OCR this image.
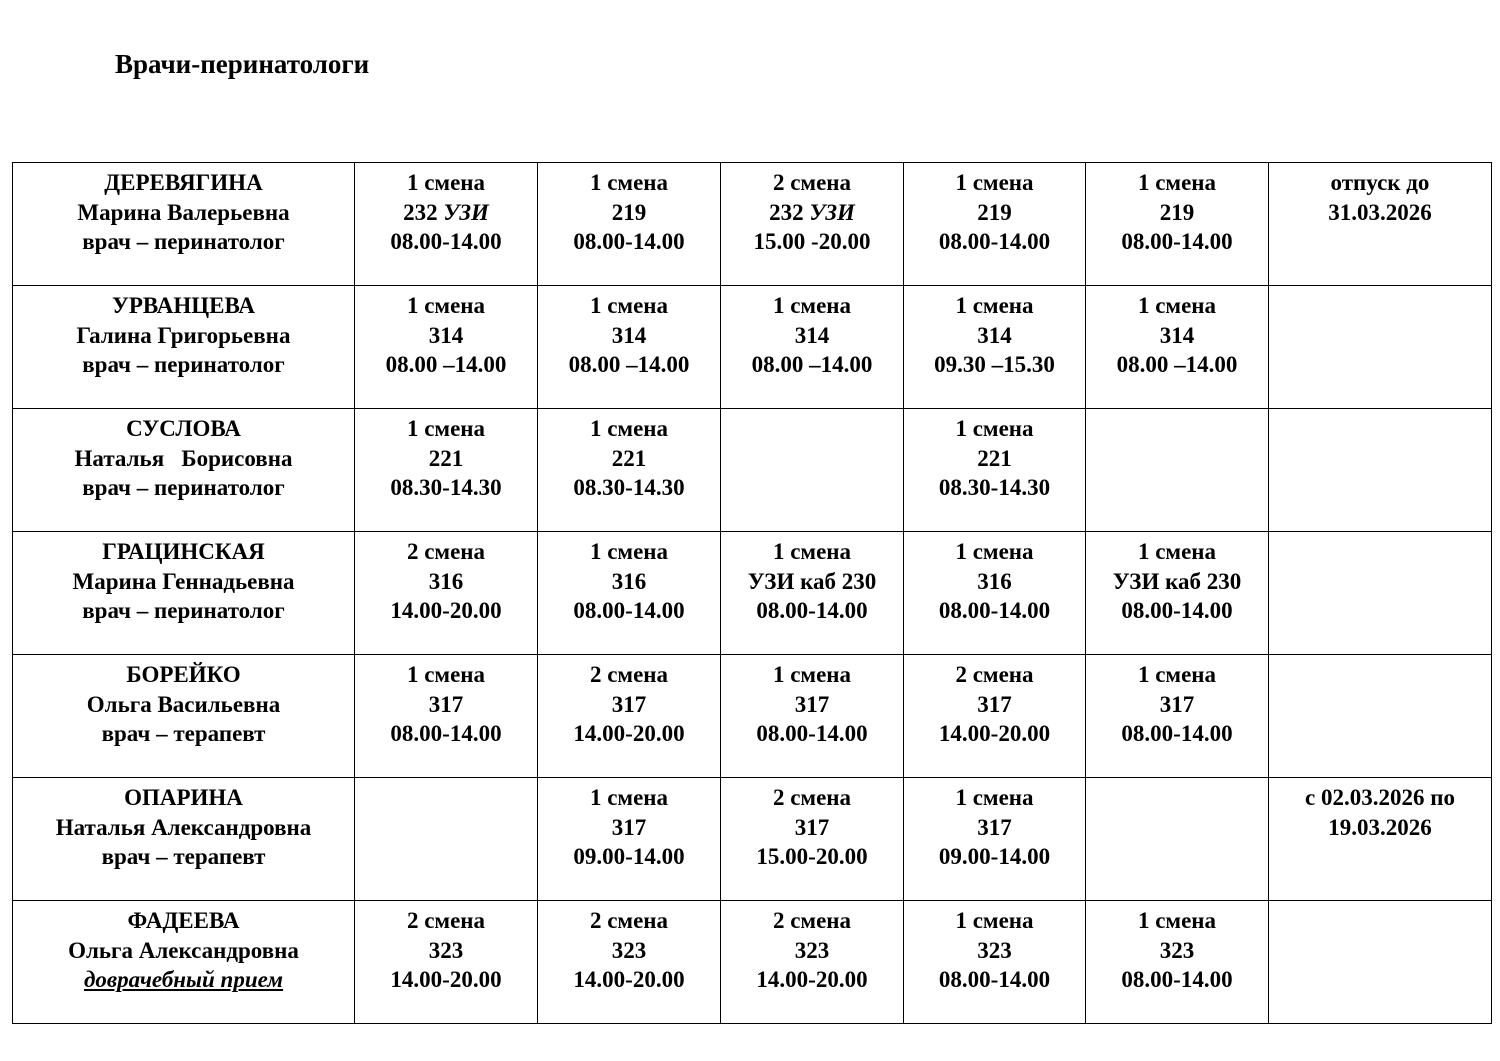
Врачи-перинатологи
ДЕРЕВЯГИНА
Марина Валерьевна
врач – перинатолог	1 смена
232 УЗИ
08.00-14.00	1 смена
219
08.00-14.00	2 смена
232 УЗИ
15.00 -20.00	1 смена
219
08.00-14.00	1 смена
219
08.00-14.00	отпуск до
31.03.2026

УРВАНЦЕВА
Галина Григорьевна
врач – перинатолог	1 смена
314
08.00 –14.00	1 смена
314
08.00 –14.00	1 смена
314
08.00 –14.00	1 смена
314
09.30 –15.30	1 смена
314
08.00 –14.00	

СУСЛОВА
Наталья   Борисовна
врач – перинатолог	1 смена
221
08.30-14.30	1 смена
221
08.30-14.30		1 смена
221
08.30-14.30		

ГРАЦИНСКАЯ
Марина Геннадьевна
врач – перинатолог	2 смена
316
14.00-20.00	1 смена
316
08.00-14.00	1 смена
УЗИ каб 230
08.00-14.00	1 смена
316
08.00-14.00	1 смена
УЗИ каб 230
08.00-14.00	

БОРЕЙКО
Ольга Васильевна
врач – терапевт	1 смена
317
08.00-14.00	2 смена
317
14.00-20.00	1 смена
317
08.00-14.00	2 смена
317
14.00-20.00	1 смена
317
08.00-14.00	

ОПАРИНА
Наталья Александровна
врач – терапевт		1 смена
317
09.00-14.00	2 смена
317
15.00-20.00	1 смена
317
09.00-14.00		с 02.03.2026 по
19.03.2026

ФАДЕЕВА
Ольга Александровна
доврачебный прием	2 смена
323
14.00-20.00	2 смена
323
14.00-20.00	2 смена
323
14.00-20.00	1 смена
323
08.00-14.00	1 смена
323
08.00-14.00	
